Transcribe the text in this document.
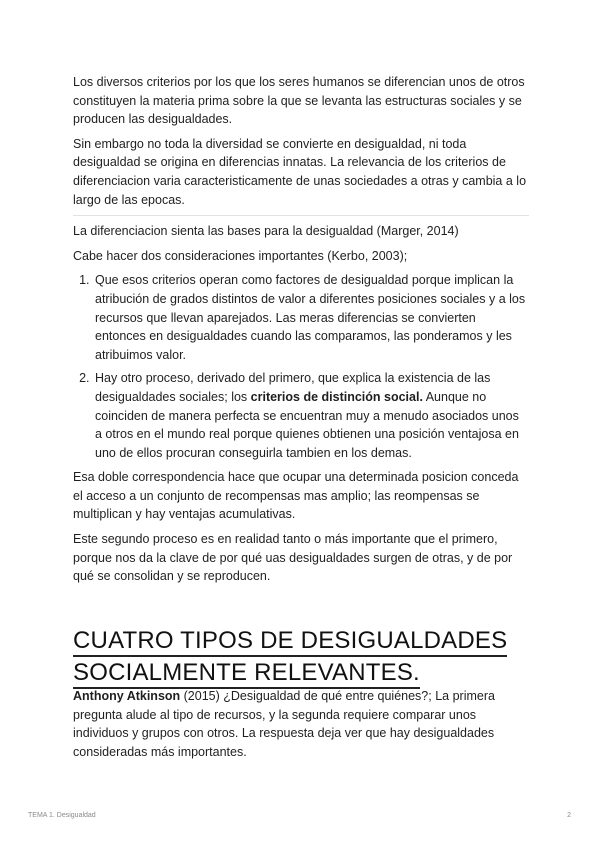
Los diversos criterios por los que los seres humanos se diferencian unos de otros constituyen la materia prima sobre la que se levanta las estructuras sociales y se producen las desigualdades.

Sin embargo no toda la diversidad se convierte en desigualdad, ni toda desigualdad se origina en diferencias innatas. La relevancia de los criterios de diferenciacion varia caracteristicamente de unas sociedades a otras y cambia a lo largo de las epocas.

La diferenciacion sienta las bases para la desigualdad (Marger, 2014)

Cabe hacer dos consideraciones importantes (Kerbo, 2003);

1. Que esos criterios operan como factores de desigualdad porque implican la atribución de grados distintos de valor a diferentes posiciones sociales y a los recursos que llevan aparejados. Las meras diferencias se convierten entonces en desigualdades cuando las comparamos, las ponderamos y les atribuimos valor.
2. Hay otro proceso, derivado del primero, que explica la existencia de las desigualdades sociales; los criterios de distinción social. Aunque no coinciden de manera perfecta se encuentran muy a menudo asociados unos a otros en el mundo real porque quienes obtienen una posición ventajosa en uno de ellos procuran conseguirla tambien en los demas.

Esa doble correspondencia hace que ocupar una determinada posicion conceda el acceso a un conjunto de recompensas mas amplio; las reompensas se multiplican y hay ventajas acumulativas.

Este segundo proceso es en realidad tanto o más importante que el primero, porque nos da la clave de por qué uas desigualdades surgen de otras, y de por qué se consolidan y se reproducen.

CUATRO TIPOS DE DESIGUALDADES
SOCIALMENTE RELEVANTES.

Anthony Atkinson (2015) ¿Desigualdad de qué entre quiénes?; La primera pregunta alude al tipo de recursos, y la segunda requiere comparar unos individuos y grupos con otros. La respuesta deja ver que hay desigualdades consideradas más importantes.

TEMA 1. Desigualdad	2
